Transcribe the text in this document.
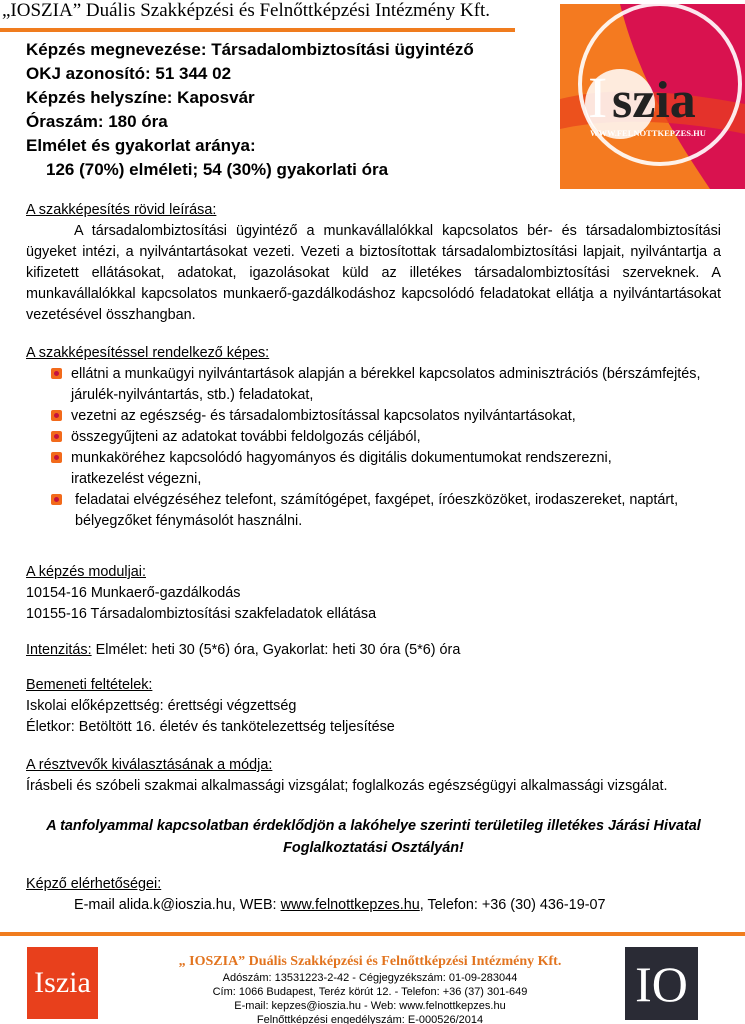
„IOSZIA” Duális Szakképzési és Felnőttképzési Intézmény Kft.
I szia
WWW.FELNOTTKEPZES.HU
Képzés megnevezése: Társadalombiztosítási ügyintéző
OKJ azonosító: 51 344 02
Képzés helyszíne: Kaposvár
Óraszám: 180 óra
Elmélet és gyakorlat aránya:
126 (70%) elméleti; 54 (30%) gyakorlati óra
A szakképesítés rövid leírása:
A társadalombiztosítási ügyintéző a munkavállalókkal kapcsolatos bér- és társadalombiztosítási ügyeket intézi, a nyilvántartásokat vezeti. Vezeti a biztosítottak társadalombiztosítási lapjait, nyilvántartja a kifizetett ellátásokat, adatokat, igazolásokat küld az illetékes társadalombiztosítási szerveknek. A munkavállalókkal kapcsolatos munkaerő-gazdálkodáshoz kapcsolódó feladatokat ellátja a nyilvántartásokat vezetésével összhangban.
A szakképesítéssel rendelkező képes:
ellátni a munkaügyi nyilvántartások alapján a bérekkel kapcsolatos adminisztrációs (bérszámfejtés, járulék-nyilvántartás, stb.) feladatokat,
vezetni az egészség- és társadalombiztosítással kapcsolatos nyilvántartásokat,
összegyűjteni az adatokat további feldolgozás céljából,
munkaköréhez kapcsolódó hagyományos és digitális dokumentumokat rendszerezni, iratkezelést végezni,
feladatai elvégzéséhez telefont, számítógépet, faxgépet, íróeszközöket, irodaszereket, naptárt, bélyegzőket fénymásolót használni.
A képzés moduljai:
10154-16 Munkaerő-gazdálkodás
10155-16 Társadalombiztosítási szakfeladatok ellátása
Intenzitás: Elmélet: heti 30 (5*6) óra, Gyakorlat: heti 30 óra (5*6) óra
Bemeneti feltételek:
Iskolai előképzettség: érettségi végzettség
Életkor: Betöltött 16. életév és tankötelezettség teljesítése
A résztvevők kiválasztásának a módja:
Írásbeli és szóbeli szakmai alkalmassági vizsgálat; foglalkozás egészségügyi alkalmassági vizsgálat.
A tanfolyammal kapcsolatban érdeklődjön a lakóhelye szerinti területileg illetékes Járási Hivatal Foglalkoztatási Osztályán!
Képző elérhetőségei:
E-mail alida.k@ioszia.hu, WEB: www.felnottkepzes.hu, Telefon: +36 (30) 436-19-07
Iszia
„ IOSZIA” Duális Szakképzési és Felnőttképzési Intézmény Kft.
Adószám: 13531223-2-42 - Cégjegyzékszám: 01-09-283044
Cím: 1066 Budapest, Teréz körút 12. - Telefon: +36 (37) 301-649
E-mail: kepzes@ioszia.hu - Web: www.felnottkepzes.hu
Felnőttképzési engedélyszám: E-000526/2014
IO
